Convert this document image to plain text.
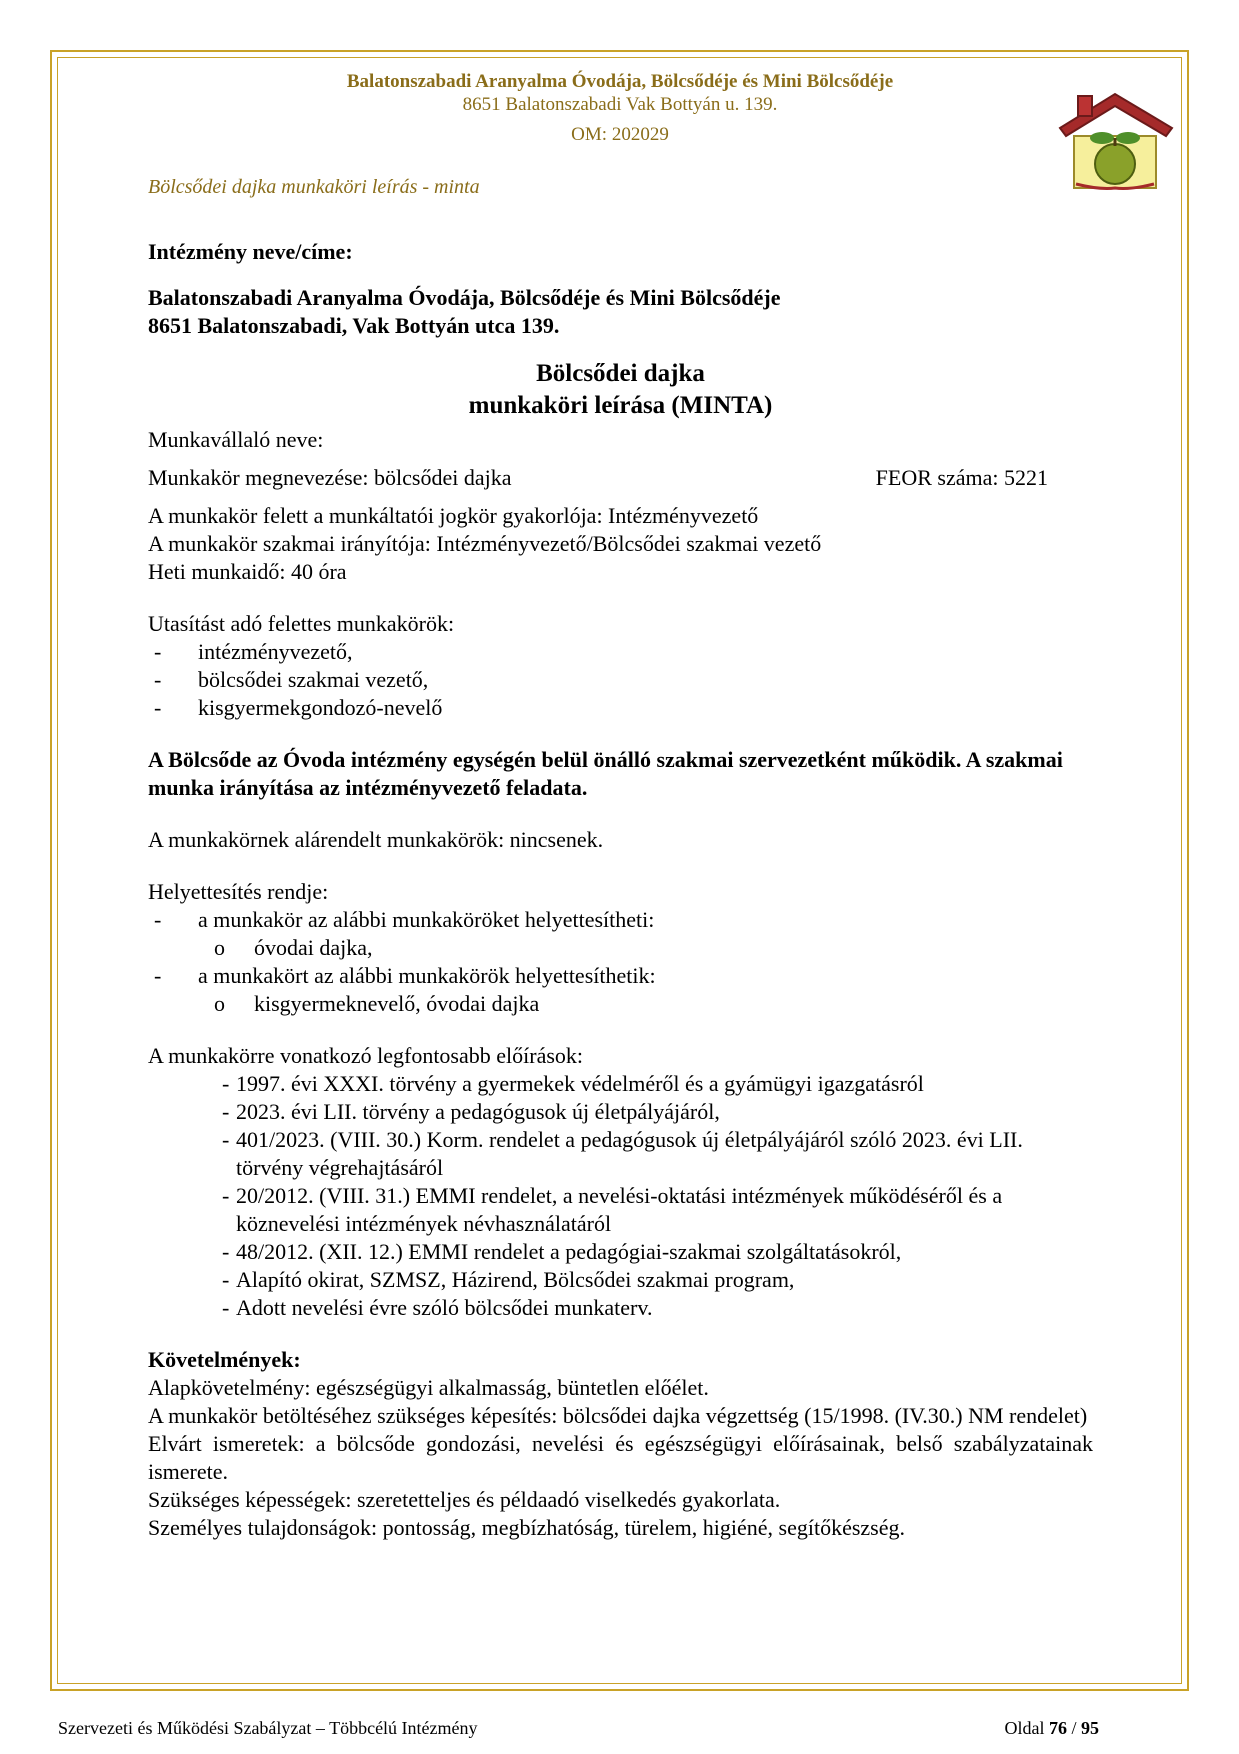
Balatonszabadi Aranyalma Óvodája, Bölcsődéje és Mini Bölcsődéje
8651 Balatonszabadi Vak Bottyán u. 139.
OM: 202029
Bölcsődei dajka munkaköri leírás - minta
Intézmény neve/címe:
Balatonszabadi Aranyalma Óvodája, Bölcsődéje és Mini Bölcsődéje
8651 Balatonszabadi, Vak Bottyán utca 139.
Bölcsődei dajka
munkaköri leírása (MINTA)
Munkavállaló neve:
Munkakör megnevezése: bölcsődei dajka	FEOR száma: 5221
A munkakör felett a munkáltatói jogkör gyakorlója: Intézményvezető
A munkakör szakmai irányítója: Intézményvezető/Bölcsődei szakmai vezető
Heti munkaidő: 40 óra
Utasítást adó felettes munkakörök:
-	intézményvezető,
-	bölcsődei szakmai vezető,
-	kisgyermekgondozó-nevelő
A Bölcsőde az Óvoda intézmény egységén belül önálló szakmai szervezetként működik. A szakmai munka irányítása az intézményvezető feladata.
A munkakörnek alárendelt munkakörök: nincsenek.
Helyettesítés rendje:
-	a munkakör az alábbi munkaköröket helyettesítheti:
o	óvodai dajka,
-	a munkakört az alábbi munkakörök helyettesíthetik:
o	kisgyermeknevelő, óvodai dajka
A munkakörre vonatkozó legfontosabb előírások:
- 1997. évi XXXI. törvény a gyermekek védelméről és a gyámügyi igazgatásról
- 2023. évi LII. törvény a pedagógusok új életpályájáról,
- 401/2023. (VIII. 30.) Korm. rendelet a pedagógusok új életpályájáról szóló 2023. évi LII. törvény végrehajtásáról
- 20/2012. (VIII. 31.) EMMI rendelet, a nevelési-oktatási intézmények működéséről és a köznevelési intézmények névhasználatáról
- 48/2012. (XII. 12.) EMMI rendelet a pedagógiai-szakmai szolgáltatásokról,
- Alapító okirat, SZMSZ, Házirend, Bölcsődei szakmai program,
- Adott nevelési évre szóló bölcsődei munkaterv.
Követelmények:
Alapkövetelmény: egészségügyi alkalmasság, büntetlen előélet.
A munkakör betöltéséhez szükséges képesítés: bölcsődei dajka végzettség (15/1998. (IV.30.) NM rendelet)
Elvárt ismeretek: a bölcsőde gondozási, nevelési és egészségügyi előírásainak, belső szabályzatainak ismerete.
Szükséges képességek: szeretetteljes és példaadó viselkedés gyakorlata.
Személyes tulajdonságok: pontosság, megbízhatóság, türelem, higiéné, segítőkészség.
Szervezeti és Működési Szabályzat – Többcélú Intézmény	Oldal 76 / 95
